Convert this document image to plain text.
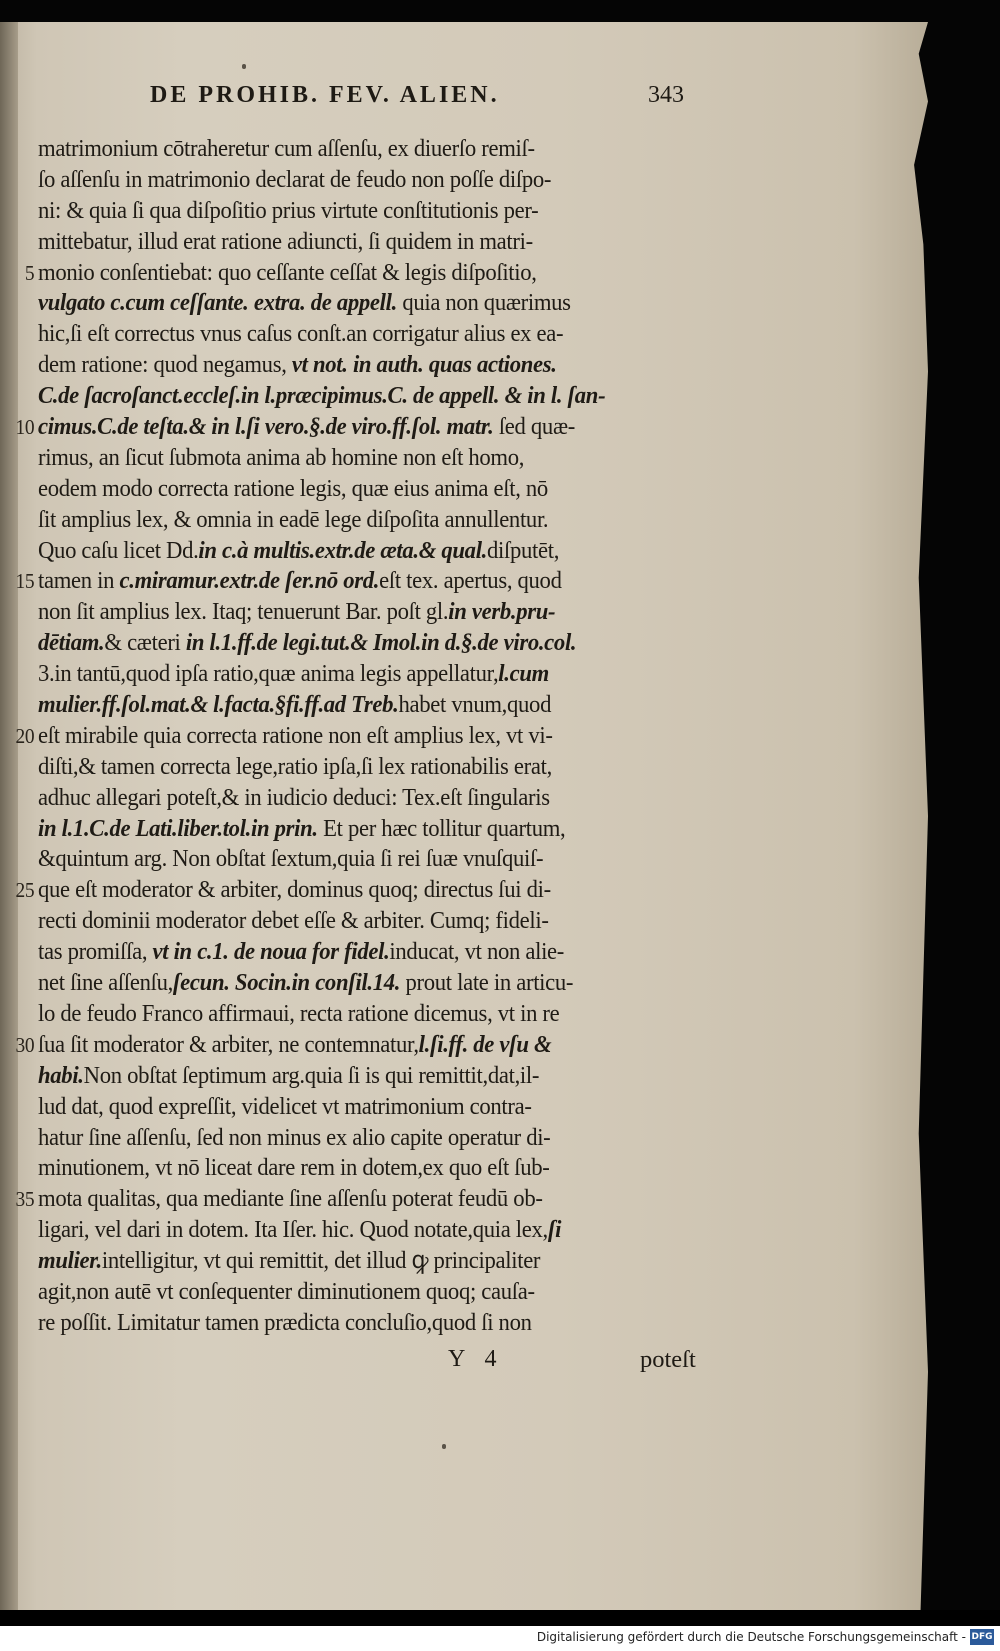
DE PROHIB. FEV. ALIEN.	343
matrimonium cōtraheretur cum aſſenſu, ex diuerſo remiſ-
ſo aſſenſu in matrimonio declarat de feudo non poſſe diſpo-
ni: & quia ſi qua diſpoſitio prius virtute conſtitutionis per-
mittebatur, illud erat ratione adiuncti, ſi quidem in matri-
5 monio conſentiebat: quo ceſſante ceſſat & legis diſpoſitio,
vulgato c.cum ceſſante. extra. de appell. quia non quærimus
hic,ſi eſt correctus vnus caſus conſt.an corrigatur alius ex ea-
dem ratione: quod negamus, vt not. in auth. quas actiones.
C.de ſacroſanct.eccleſ.in l.præcipimus.C. de appell. & in l. ſan-
10 cimus.C.de teſta.& in l.ſi vero.§.de viro.ff.ſol. matr. ſed quæ-
rimus, an ſicut ſubmota anima ab homine non eſt homo,
eodem modo correcta ratione legis, quæ eius anima eſt, nō
ſit amplius lex, & omnia in eadē lege diſpoſita annullentur.
Quo caſu licet Dd.in c.à multis.extr.de æta.& qual.diſputēt,
15 tamen in c.miramur.extr.de ſer.nō ord.eſt tex. apertus, quod
non ſit amplius lex. Itaq; tenuerunt Bar. poſt gl.in verb.pru-
dētiam.& cæteri in l.1.ff.de legi.tut.& Imol.in d.§.de viro.col.
3.in tantū,quod ipſa ratio,quæ anima legis appellatur,l.cum
mulier.ff.ſol.mat.& l.facta.§fi.ff.ad Treb.habet vnum,quod
20 eſt mirabile quia correcta ratione non eſt amplius lex, vt vi-
diſti,& tamen correcta lege,ratio ipſa,ſi lex rationabilis erat,
adhuc allegari poteſt,& in iudicio deduci: Tex.eſt ſingularis
in l.1.C.de Lati.liber.tol.in prin. Et per hæc tollitur quartum,
&quintum arg. Non obſtat ſextum,quia ſi rei ſuæ vnuſquiſ-
25 que eſt moderator & arbiter, dominus quoq; directus ſui di-
recti dominii moderator debet eſſe & arbiter. Cumq; fideli-
tas promiſſa, vt in c.1. de noua for fidel.inducat, vt non alie-
net ſine aſſenſu,ſecun. Socin.in conſil.14. prout late in articu-
lo de feudo Franco affirmaui, recta ratione dicemus, vt in re
30 ſua ſit moderator & arbiter, ne contemnatur,l.ſi.ff. de vſu &
habi.Non obſtat ſeptimum arg.quia ſi is qui remittit,dat,il-
lud dat, quod expreſſit, videlicet vt matrimonium contra-
hatur ſine aſſenſu, ſed non minus ex alio capite operatur di-
minutionem, vt nō liceat dare rem in dotem,ex quo eſt ſub-
35 mota qualitas, qua mediante ſine aſſenſu poterat feudū ob-
ligari, vel dari in dotem. Ita Iſer. hic. Quod notate,quia lex,ſi
mulier.intelligitur, vt qui remittit, det illud ꝙ principaliter
agit,non autē vt conſequenter diminutionem quoq; cauſa-
re poſſit. Limitatur tamen prædicta concluſio,quod ſi non
Y 4	poteſt
Digitalisierung gefördert durch die Deutsche Forschungsgemeinschaft - DFG
